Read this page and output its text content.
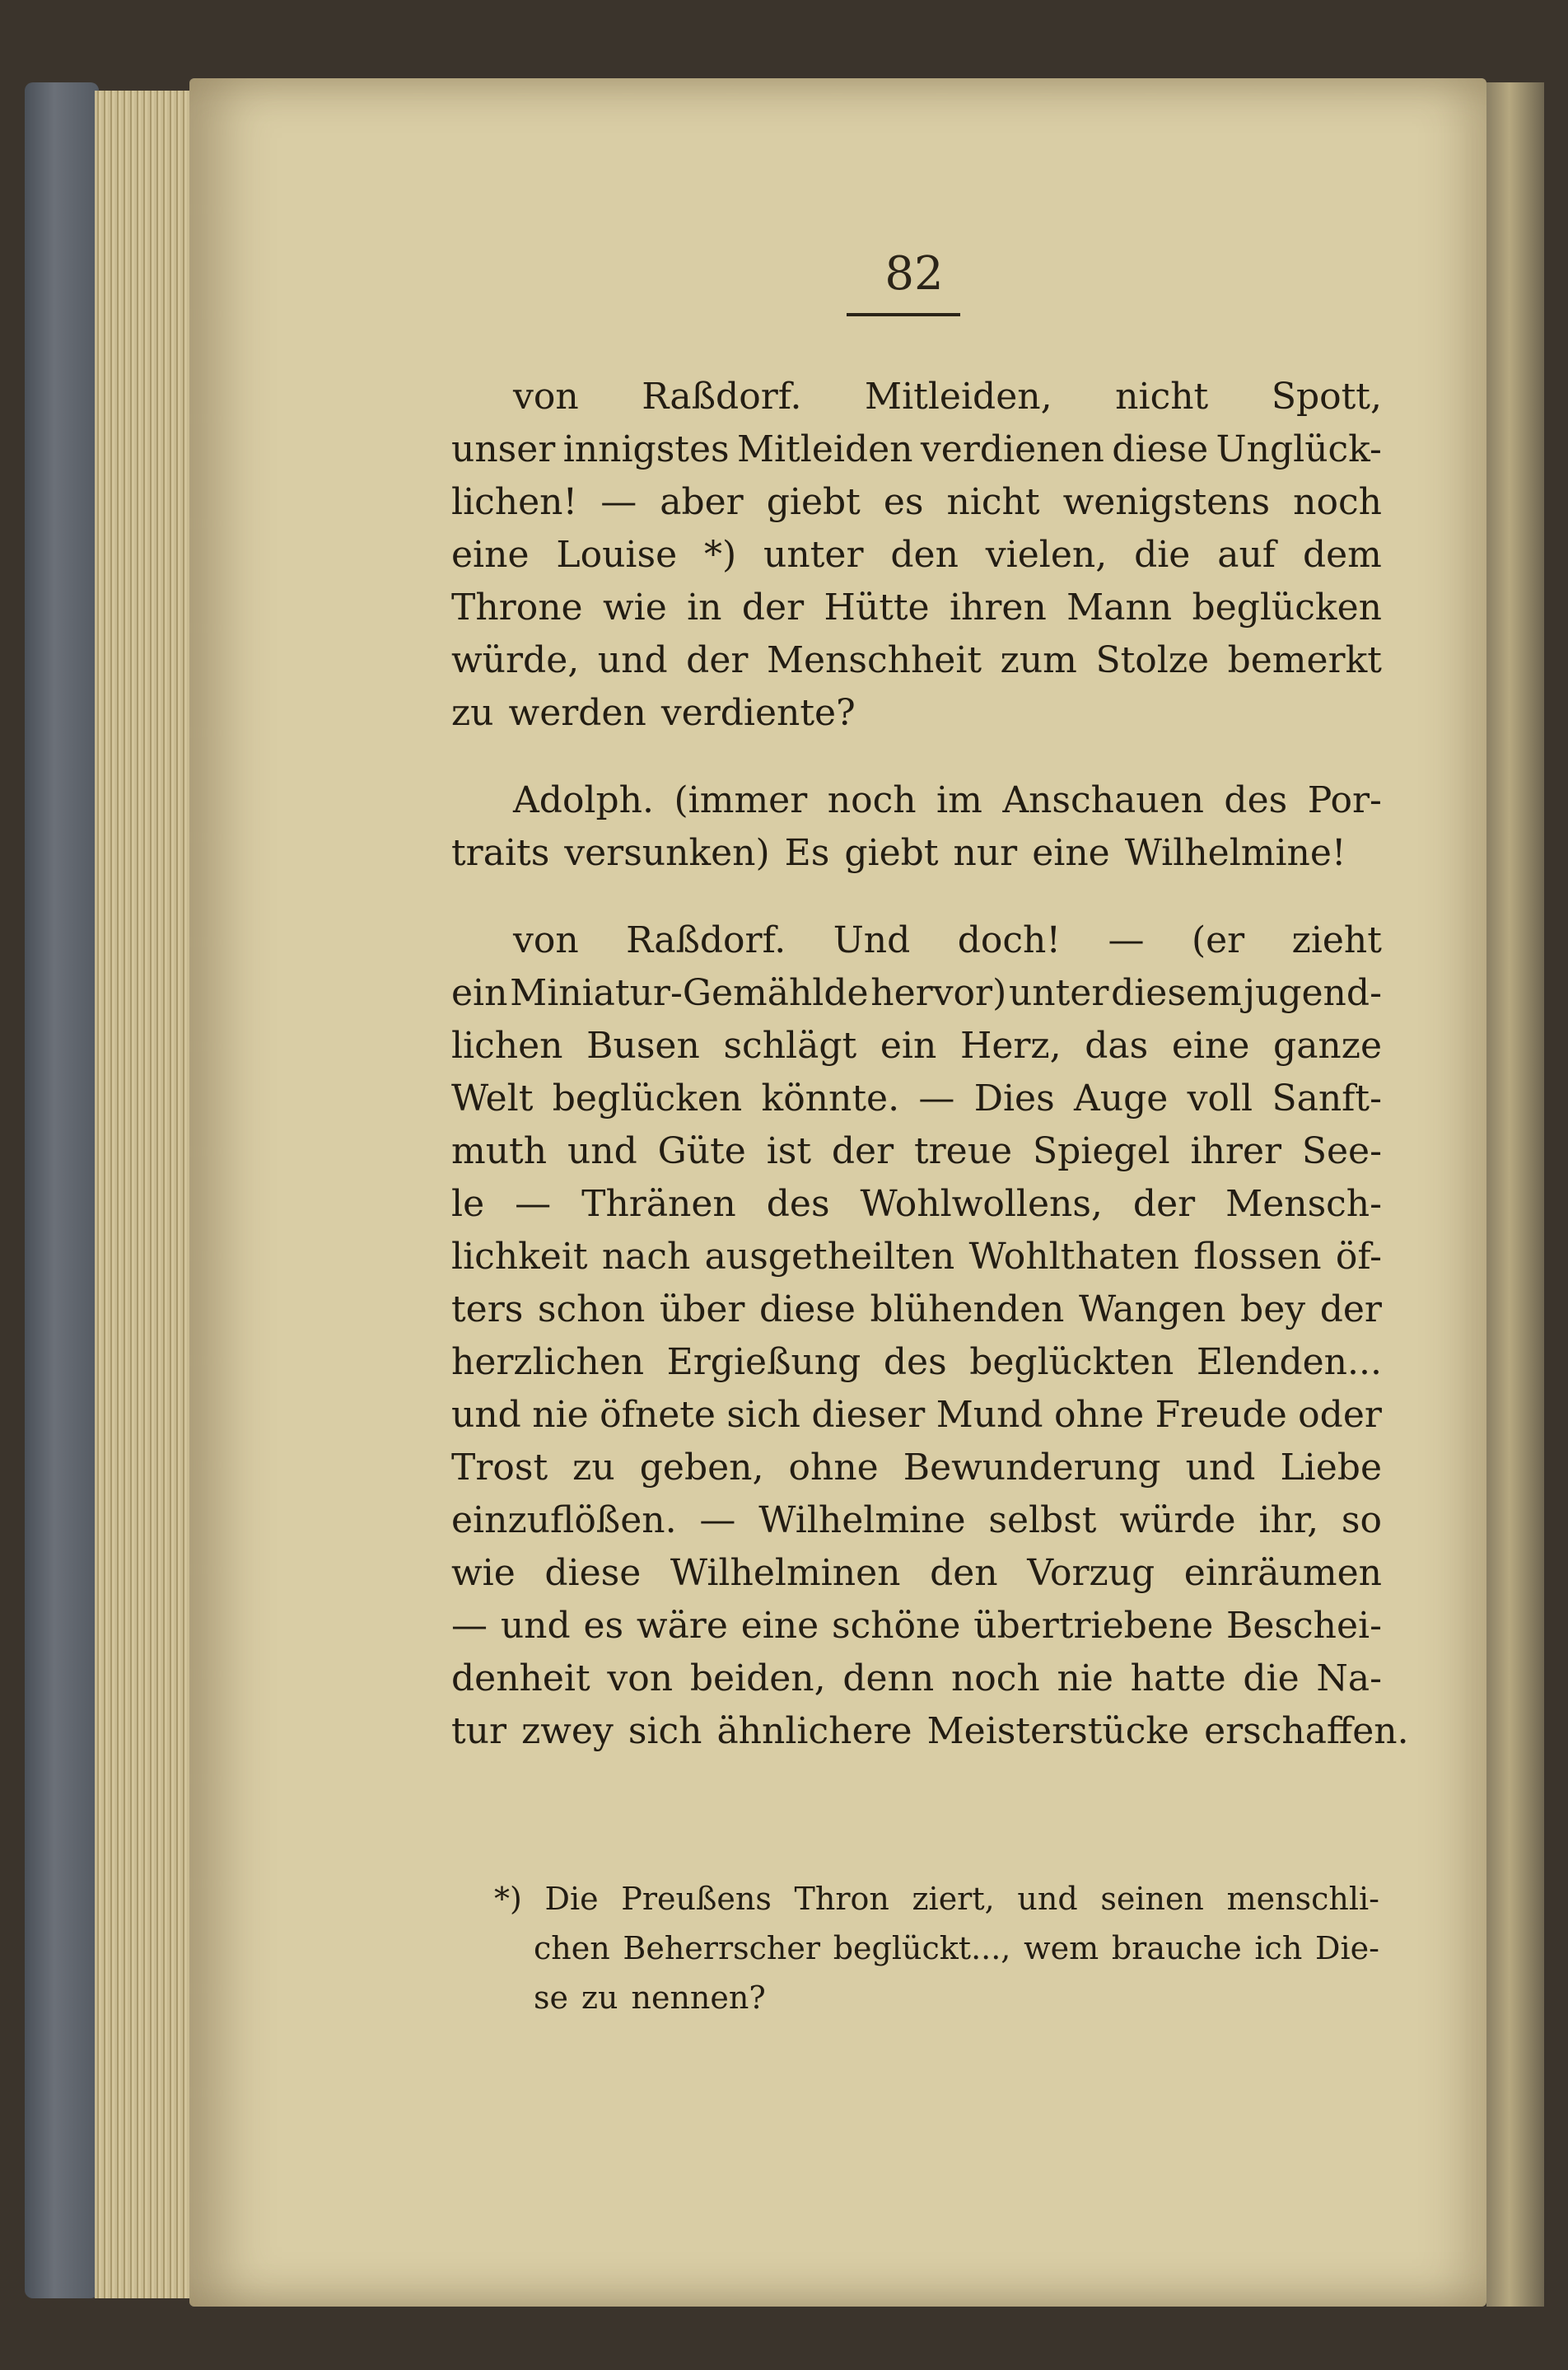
82
von Raßdorf. Mitleiden, nicht Spott,
unser innigstes Mitleiden verdienen diese Unglück-
lichen! — aber giebt es nicht wenigstens noch
eine Louise *) unter den vielen, die auf dem
Throne wie in der Hütte ihren Mann beglücken
würde, und der Menschheit zum Stolze bemerkt
zu werden verdiente?
Adolph. (immer noch im Anschauen des Por-
traits versunken) Es giebt nur eine Wilhelmine!
von Raßdorf. Und doch! — (er zieht
ein Miniatur-Gemählde hervor) unter diesem jugend-
lichen Busen schlägt ein Herz, das eine ganze
Welt beglücken könnte. — Dies Auge voll Sanft-
muth und Güte ist der treue Spiegel ihrer See-
le — Thränen des Wohlwollens, der Mensch-
lichkeit nach ausgetheilten Wohlthaten flossen öf-
ters schon über diese blühenden Wangen bey der
herzlichen Ergießung des beglückten Elenden...
und nie öfnete sich dieser Mund ohne Freude oder
Trost zu geben, ohne Bewunderung und Liebe
einzuflößen. — Wilhelmine selbst würde ihr, so
wie diese Wilhelminen den Vorzug einräumen
— und es wäre eine schöne übertriebene Beschei-
denheit von beiden, denn noch nie hatte die Na-
tur zwey sich ähnlichere Meisterstücke erschaffen.
*) Die Preußens Thron ziert, und seinen menschli-
chen Beherrscher beglückt..., wem brauche ich Die-
se zu nennen?
